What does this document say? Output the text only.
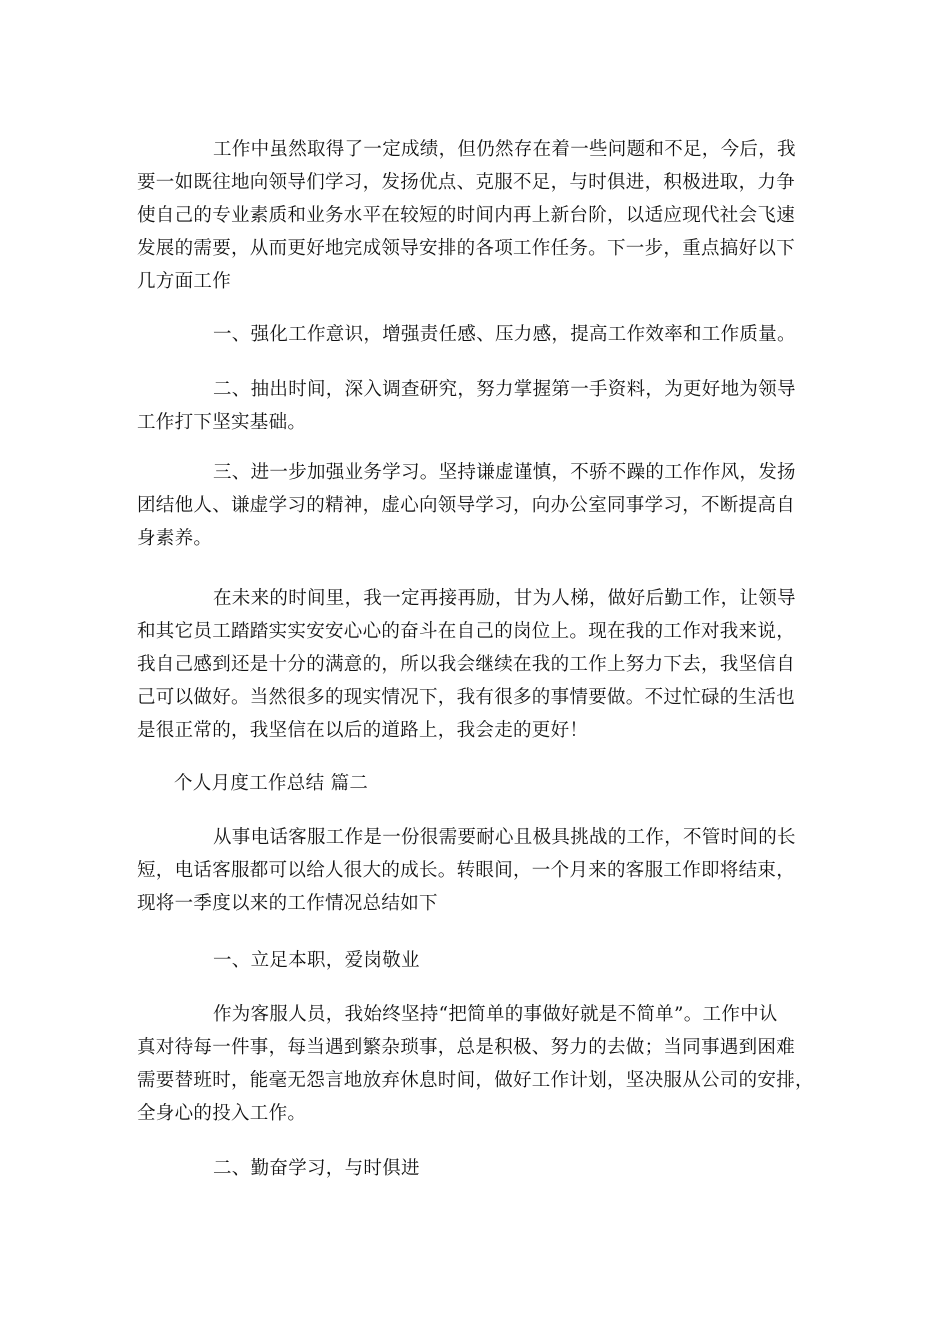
工作中虽然取得了一定成绩，但仍然存在着一些问题和不足，今后，我
要一如既往地向领导们学习，发扬优点、克服不足，与时俱进，积极进取，力争
使自己的专业素质和业务水平在较短的时间内再上新台阶，以适应现代社会飞速
发展的需要，从而更好地完成领导安排的各项工作任务。下一步，重点搞好以下
几方面工作
一、强化工作意识，增强责任感、压力感，提高工作效率和工作质量。
二、抽出时间，深入调查研究，努力掌握第一手资料，为更好地为领导
工作打下坚实基础。
三、进一步加强业务学习。坚持谦虚谨慎，不骄不躁的工作作风，发扬
团结他人、谦虚学习的精神，虚心向领导学习，向办公室同事学习，不断提高自
身素养。
在未来的时间里，我一定再接再励，甘为人梯，做好后勤工作，让领导
和其它员工踏踏实实安安心心的奋斗在自己的岗位上。现在我的工作对我来说，
我自己感到还是十分的满意的，所以我会继续在我的工作上努力下去，我坚信自
己可以做好。当然很多的现实情况下，我有很多的事情要做。不过忙碌的生活也
是很正常的，我坚信在以后的道路上，我会走的更好！
个人月度工作总结 篇二
从事电话客服工作是一份很需要耐心且极具挑战的工作，不管时间的长
短，电话客服都可以给人很大的成长。转眼间，一个月来的客服工作即将结束，
现将一季度以来的工作情况总结如下
一、立足本职，爱岗敬业
作为客服人员，我始终坚持“把简单的事做好就是不简单”。工作中认
真对待每一件事，每当遇到繁杂琐事，总是积极、努力的去做；当同事遇到困难
需要替班时，能毫无怨言地放弃休息时间，做好工作计划，坚决服从公司的安排，
全身心的投入工作。
二、勤奋学习，与时俱进
